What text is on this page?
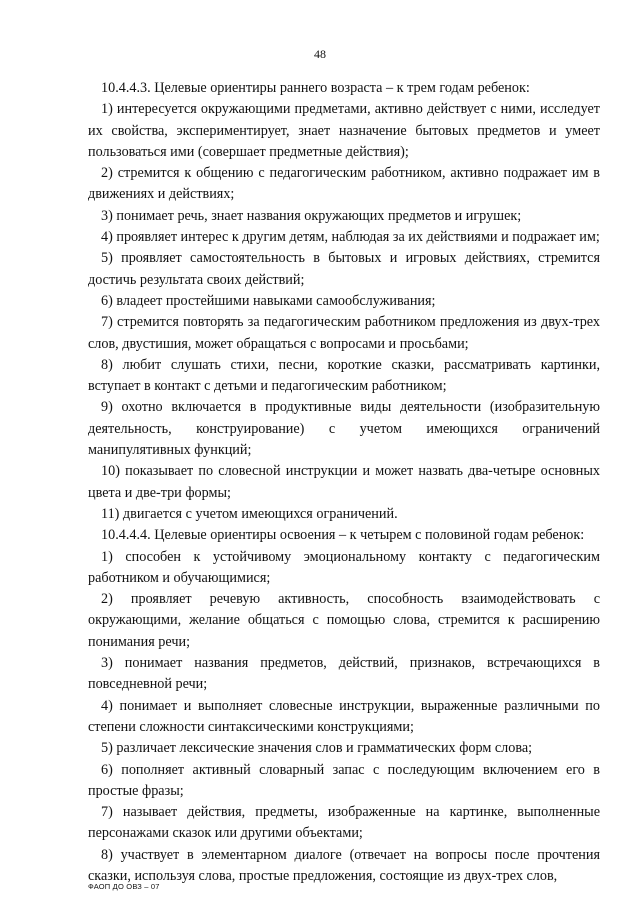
48

10.4.4.3. Целевые ориентиры раннего возраста – к трем годам ребенок:

1) интересуется окружающими предметами, активно действует с ними, исследует их свойства, экспериментирует, знает назначение бытовых предметов и умеет пользоваться ими (совершает предметные действия);

2) стремится к общению с педагогическим работником, активно подражает им в движениях и действиях;

3) понимает речь, знает названия окружающих предметов и игрушек;

4) проявляет интерес к другим детям, наблюдая за их действиями и подражает им;

5) проявляет самостоятельность в бытовых и игровых действиях, стремится достичь результата своих действий;

6) владеет простейшими навыками самообслуживания;

7) стремится повторять за педагогическим работником предложения из двух-трех слов, двустишия, может обращаться с вопросами и просьбами;

8) любит слушать стихи, песни, короткие сказки, рассматривать картинки, вступает в контакт с детьми и педагогическим работником;

9) охотно включается в продуктивные виды деятельности (изобразительную деятельность, конструирование) с учетом имеющихся ограничений манипулятивных функций;

10) показывает по словесной инструкции и может назвать два-четыре основных цвета и две-три формы;

11) двигается с учетом имеющихся ограничений.

10.4.4.4. Целевые ориентиры освоения – к четырем с половиной годам ребенок:

1) способен к устойчивому эмоциональному контакту с педагогическим работником и обучающимися;

2) проявляет речевую активность, способность взаимодействовать с окружающими, желание общаться с помощью слова, стремится к расширению понимания речи;

3) понимает названия предметов, действий, признаков, встречающихся в повседневной речи;

4) понимает и выполняет словесные инструкции, выраженные различными по степени сложности синтаксическими конструкциями;

5) различает лексические значения слов и грамматических форм слова;

6) пополняет активный словарный запас с последующим включением его в простые фразы;

7) называет действия, предметы, изображенные на картинке, выполненные персонажами сказок или другими объектами;

8) участвует в элементарном диалоге (отвечает на вопросы после прочтения сказки, используя слова, простые предложения, состоящие из двух-трех слов,

ФАОП ДО ОВЗ – 07
